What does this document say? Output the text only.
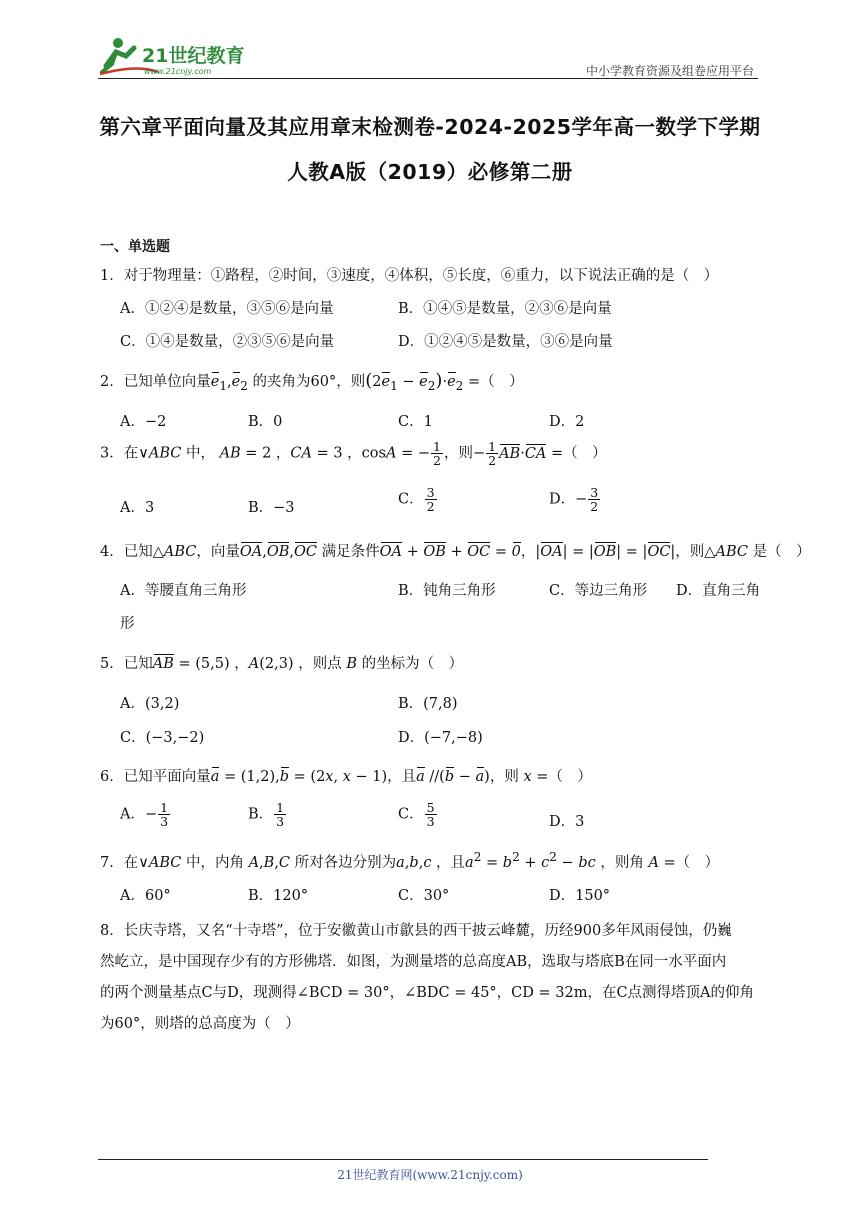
21世纪教育
www.21cnjy.com	中小学教育资源及组卷应用平台
第六章平面向量及其应用章末检测卷-2024-2025学年高一数学下学期
人教A版（2019）必修第二册
一、单选题
1．对于物理量：①路程，②时间，③速度，④体积，⑤长度，⑥重力，以下说法正确的是（　）
A．①②④是数量，③⑤⑥是向量	B．①④⑤是数量，②③⑥是向量
C．①④是数量，②③⑤⑥是向量	D．①②④⑤是数量，③⑥是向量
2．已知单位向量$e_1,e_2$ 的夹角为60°，则$(2e_1 - e_2)\cdot e_2$ =（　）
A．−2	B．0	C．1	D．2
3．在∨ABC 中， AB = 2 ，CA = 3 ，cosA = − $\frac{1}{2}$ ，则− $\frac{1}{2} AB\cdot CA$ =（　）
A．3	B．−3
C． $\frac{3}{2}$	D．− $\frac{3}{2}$
4．已知△ABC，向量OA,OB,OC 满足条件OA + OB + OC = 0，|OA| = |OB| = |OC|，则△ABC 是（　）
A．等腰直角三角形	B．钝角三角形	C．等边三角形 D．直角三角
形
5．已知AB = (5,5) ，A(2,3) ，则点 B 的坐标为（　）
A．(3,2)	B．(7,8)
C．(−3,−2)	D．(−7,−8)
6．已知平面向量a = (1,2),b = (2x, x − 1)，且a //(b − a)，则 x =（　）
A．− $\frac{1}{3}$	B． $\frac{1}{3}$	C． $\frac{5}{3}$	D．3
7．在∨ABC 中，内角 A,B,C 所对各边分别为a,b,c ，且$a^2 = b^2 + c^2$ − bc ，则角 A =（　）
A．60°	B．120°	C．30°	D．150°
8．长庆寺塔，又名“十寺塔”，位于安徽黄山市歙县的西干披云峰麓，历经900多年风雨侵蚀，仍巍
然屹立，是中国现存少有的方形佛塔．如图，为测量塔的总高度AB，选取与塔底B在同一水平面内
的两个测量基点C与D，现测得∠BCD = 30°，∠BDC = 45°，CD = 32m，在C点测得塔顶A的仰角
为60°，则塔的总高度为（　）
21世纪教育网(www.21cnjy.com)
